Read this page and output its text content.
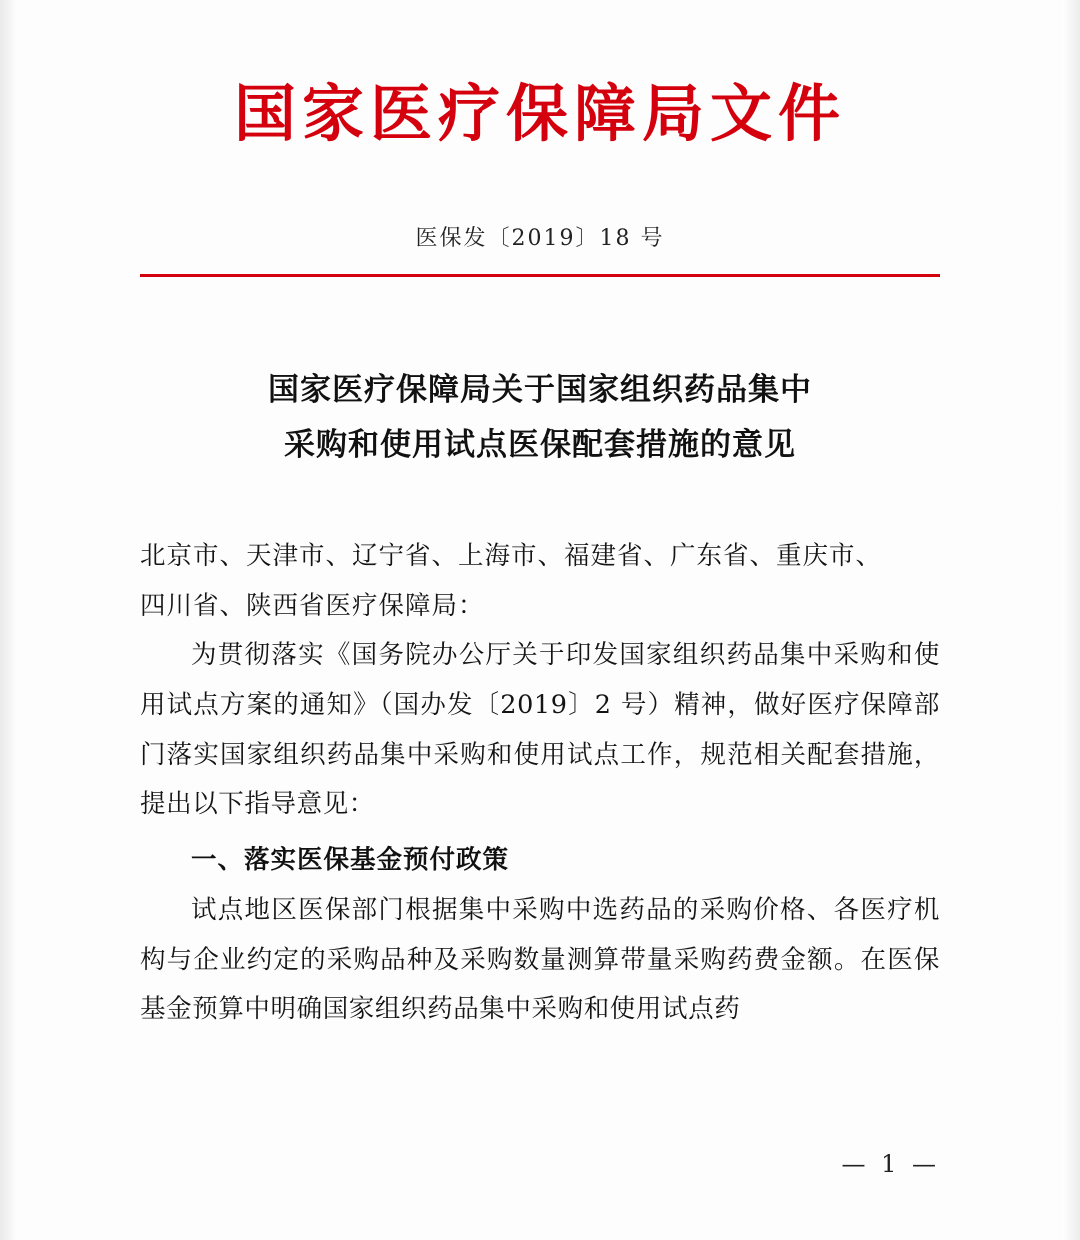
国家医疗保障局文件
医保发〔2019〕18 号
国家医疗保障局关于国家组织药品集中
采购和使用试点医保配套措施的意见
北京市、天津市、辽宁省、上海市、福建省、广东省、重庆市、
四川省、陕西省医疗保障局：

为贯彻落实《国务院办公厅关于印发国家组织药品集中采购和使用试点方案的通知》（国办发〔2019〕2 号）精神，做好医疗保障部门落实国家组织药品集中采购和使用试点工作，规范相关配套措施，提出以下指导意见：

一、落实医保基金预付政策

试点地区医保部门根据集中采购中选药品的采购价格、各医疗机构与企业约定的采购品种及采购数量测算带量采购药费金额。在医保基金预算中明确国家组织药品集中采购和使用试点药

— 1 —
